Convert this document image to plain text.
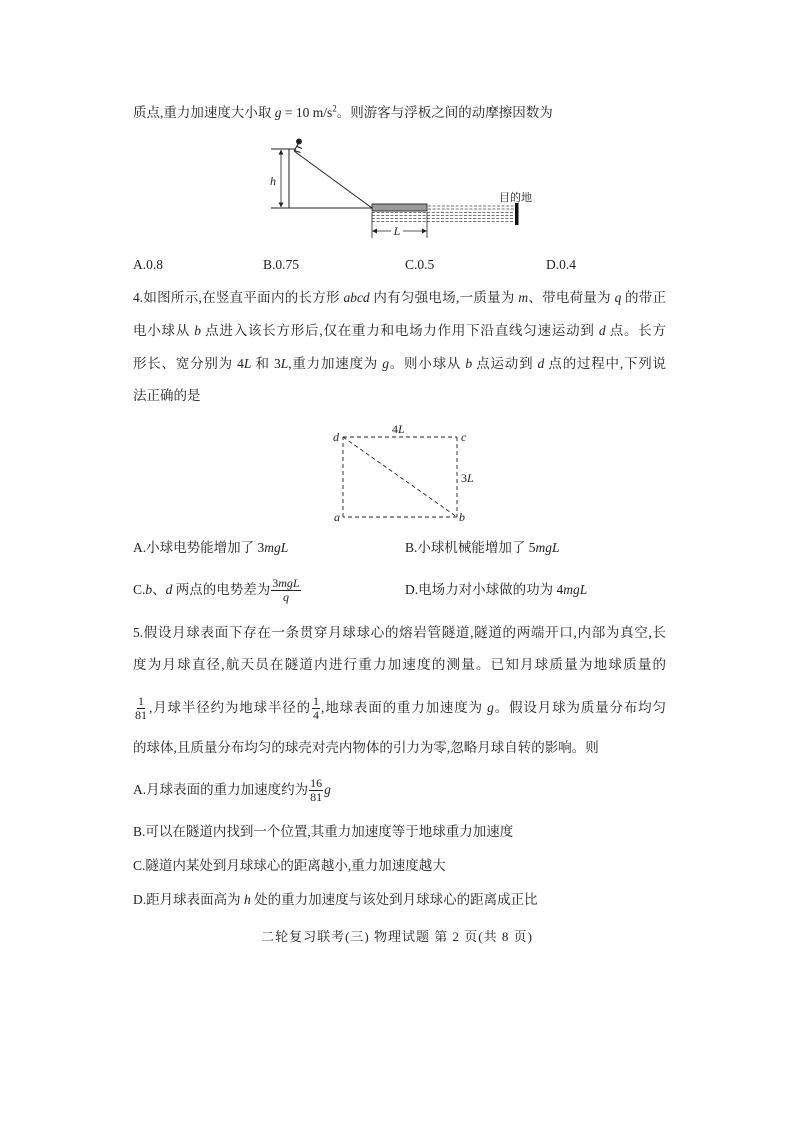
质点,重力加速度大小取 g = 10 $m/s^2$。则游客与浮板之间的动摩擦因数为
h
目的地
L
A.0.8	B.0.75	C.0.5	D.0.4
4.如图所示,在竖直平面内的长方形 abcd 内有匀强电场,一质量为 m、带电荷量为 q 的带正
电小球从 b 点进入该长方形后,仅在重力和电场力作用下沿直线匀速运动到 d 点。长方
形长、宽分别为 4L 和 3L,重力加速度为 g。则小球从 b 点运动到 d 点的过程中,下列说
法正确的是
d	c
a	b
4L
3L
A.小球电势能增加了 3mgL	B.小球机械能增加了 5mgL
C.b、d 两点的电势差为 $\frac{\text{3mgL}}{q}$	D.电场力对小球做的功为 4mgL
5.假设月球表面下存在一条贯穿月球球心的熔岩管隧道,隧道的两端开口,内部为真空,长
度为月球直径,航天员在隧道内进行重力加速度的测量。已知月球质量为地球质量的
$\frac{1}{81}$ ,月球半径约为地球半径的 $\frac{1}{4}$ ,地球表面的重力加速度为 g。假设月球为质量分布均匀
的球体,且质量分布均匀的球壳对壳内物体的引力为零,忽略月球自转的影响。则
A.月球表面的重力加速度约为 $\frac{16}{81}$ g
B.可以在隧道内找到一个位置,其重力加速度等于地球重力加速度
C.隧道内某处到月球球心的距离越小,重力加速度越大
D.距月球表面高为 h 处的重力加速度与该处到月球球心的距离成正比
二轮复习联考(三) 物理试题 第 2 页(共 8 页)
